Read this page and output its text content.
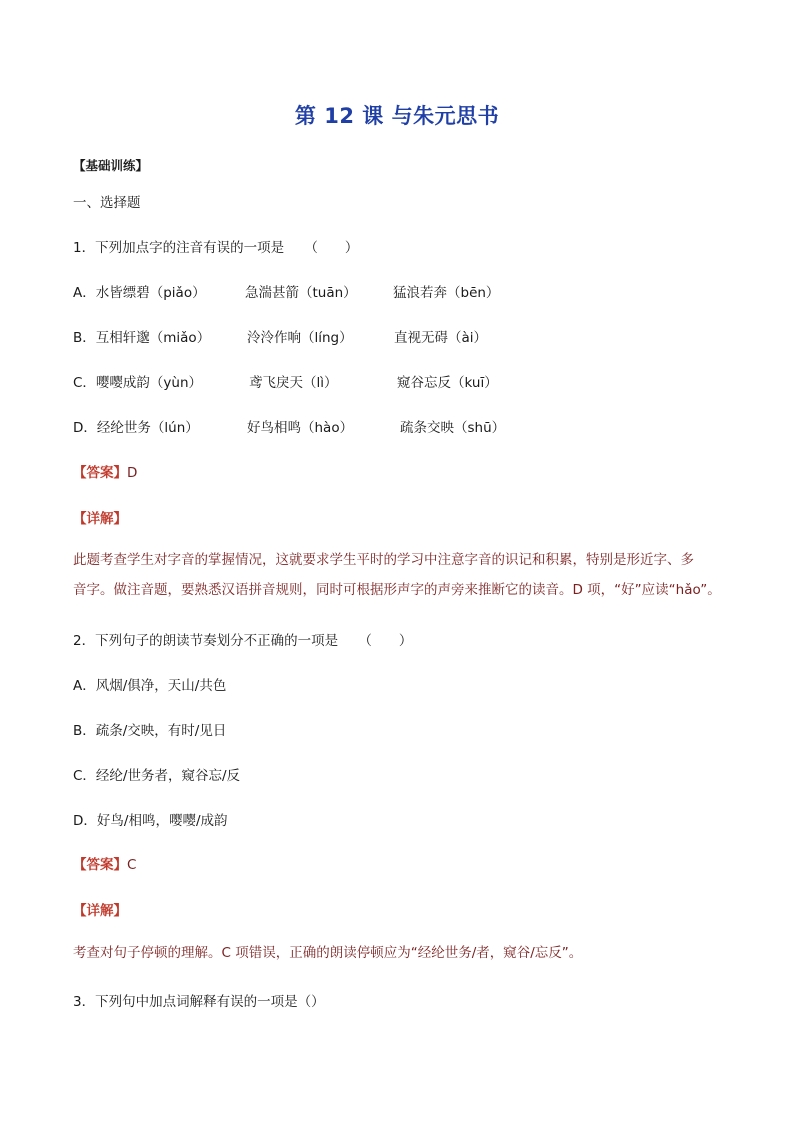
第 12 课 与朱元思书
【基础训练】
一、选择题
1．下列加点字的注音有误的一项是　　（　　）
A．水皆缥碧（piǎo）	急湍甚箭（tuān）	猛浪若奔（bēn）
B．互相轩邈（miǎo）	泠泠作响（líng）	直视无碍（ài）
C．嘤嘤成韵（yùn）	鸢飞戾天（lì）	窥谷忘反（kuī）
D．经纶世务（lún）	好鸟相鸣（hào）	疏条交映（shū）
【答案】D
【详解】
此题考查学生对字音的掌握情况，这就要求学生平时的学习中注意字音的识记和积累，特别是形近字、多
音字。做注音题，要熟悉汉语拼音规则，同时可根据形声字的声旁来推断它的读音。D 项，“好”应读“hǎo”。
2．下列句子的朗读节奏划分不正确的一项是　　（　　）
A．风烟/俱净，天山/共色
B．疏条/交映，有时/见日
C．经纶/世务者，窥谷忘/反
D．好鸟/相鸣，嘤嘤/成韵
【答案】C
【详解】
考查对句子停顿的理解。C 项错误，正确的朗读停顿应为“经纶世务/者，窥谷/忘反”。
3．下列句中加点词解释有误的一项是（）
